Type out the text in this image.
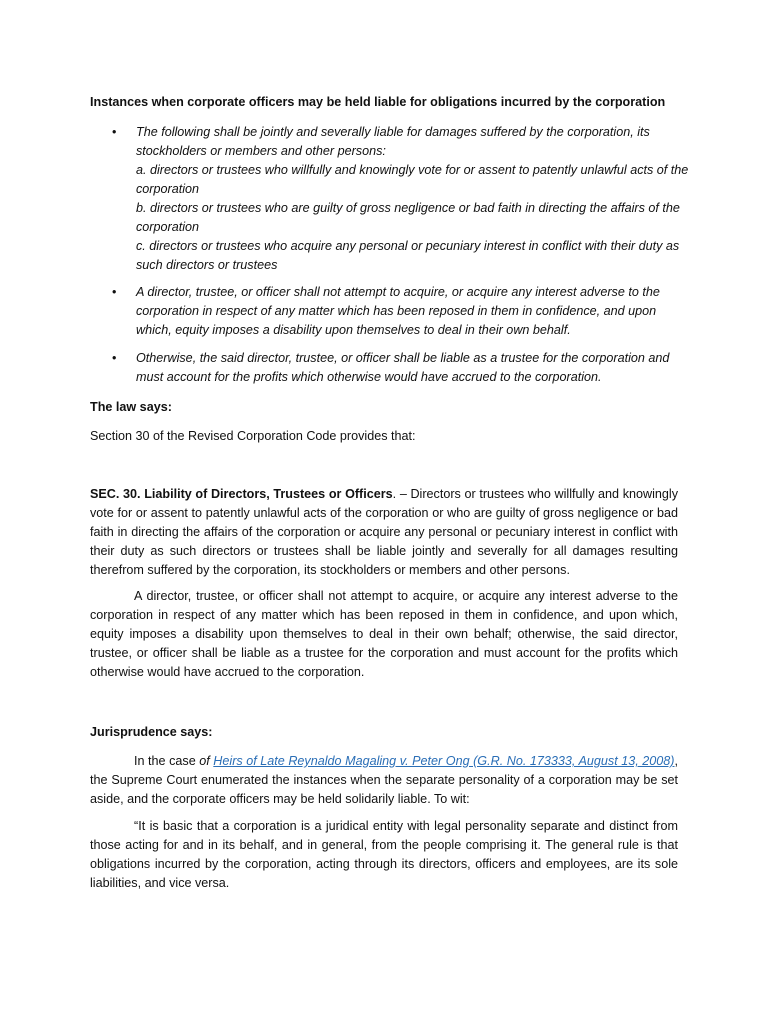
Instances when corporate officers may be held liable for obligations incurred by the corporation

• The following shall be jointly and severally liable for damages suffered by the corporation, its stockholders or members and other persons:
a. directors or trustees who willfully and knowingly vote for or assent to patently unlawful acts of the corporation
b. directors or trustees who are guilty of gross negligence or bad faith in directing the affairs of the corporation
c. directors or trustees who acquire any personal or pecuniary interest in conflict with their duty as such directors or trustees
• A director, trustee, or officer shall not attempt to acquire, or acquire any interest adverse to the corporation in respect of any matter which has been reposed in them in confidence, and upon which, equity imposes a disability upon themselves to deal in their own behalf.
• Otherwise, the said director, trustee, or officer shall be liable as a trustee for the corporation and must account for the profits which otherwise would have accrued to the corporation.

The law says:

Section 30 of the Revised Corporation Code provides that:

SEC. 30. Liability of Directors, Trustees or Officers. – Directors or trustees who willfully and knowingly vote for or assent to patently unlawful acts of the corporation or who are guilty of gross negligence or bad faith in directing the affairs of the corporation or acquire any personal or pecuniary interest in conflict with their duty as such directors or trustees shall be liable jointly and severally for all damages resulting therefrom suffered by the corporation, its stockholders or members and other persons.

A director, trustee, or officer shall not attempt to acquire, or acquire any interest adverse to the corporation in respect of any matter which has been reposed in them in confidence, and upon which, equity imposes a disability upon themselves to deal in their own behalf; otherwise, the said director, trustee, or officer shall be liable as a trustee for the corporation and must account for the profits which otherwise would have accrued to the corporation.

Jurisprudence says:

In the case of Heirs of Late Reynaldo Magaling v. Peter Ong (G.R. No. 173333, August 13, 2008), the Supreme Court enumerated the instances when the separate personality of a corporation may be set aside, and the corporate officers may be held solidarily liable. To wit:

“It is basic that a corporation is a juridical entity with legal personality separate and distinct from those acting for and in its behalf, and in general, from the people comprising it. The general rule is that obligations incurred by the corporation, acting through its directors, officers and employees, are its sole liabilities, and vice versa.
